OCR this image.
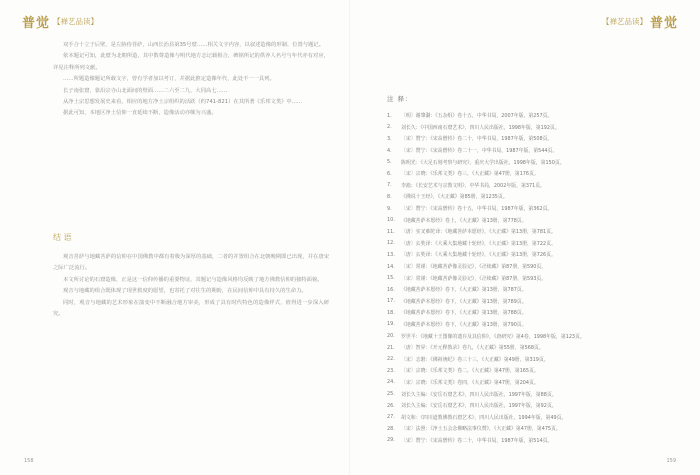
普觉 【禅艺品读】

双手合十立于后壁，是左胁侍菩萨，山西长治县第35号窟……相关文字内容，以叙述造像的形制、位置与题记。

依本题记可知，此窟为北朝所造，其中数尊造像与明代地方志记载相合，碑铭所记的供养人名号与年代亦有对应，详见注释所列文献。

……所题造像题记所载文字，曾有学者加以考订，并据此推定造像年代，此处不一一具列。

长子南张窟，靠沿宗寺山北面间的壁面……二六至二九，大同高七……

从净土宗思想发展史来看，相应的地方净土宗组织的活跃（约741-821）在其所著《乐邦文类》中……

据此可知，本地区净土信仰一直延续不断，造像活动亦颇为兴盛。

结 语

观音菩萨与地藏菩萨的信仰在中国佛教中都有着极为深厚的基础，二者的并置组合在北朝晚期即已出现，并在唐宋之际广泛流行。

本文所讨论的石窟造像，正是这一信仰传播的重要物证，其题记与造像风格均反映了地方佛教信仰的独特面貌。

观音与地藏的组合既体现了现世救度的愿望，也寄托了对往生的期盼，在民间信仰中具有持久的生命力。

同时，观音与地藏的艺术形象在演变中不断融合地方审美，形成了具有时代特色的造像样式，值得进一步深入研究。

158
【禅艺品读】 普觉
注 释：
1.	〔明〕谢肇淛：《五杂组》卷十五，中华书局，2007年版，第257页。
2.	刘长久：《中国西南石窟艺术》，四川人民出版社，1998年版，第192页。
3.	〔宋〕赞宁：《宋高僧传》卷二十，中华书局，1987年版，第508页。
4.	〔宋〕赞宁：《宋高僧传》卷二十一，中华书局，1987年版，第544页。
5.	陈明光：《大足石刻考察与研究》，重庆大学出版社，1998年版，第150页。
6.	〔宋〕宗晓：《乐邦文类》卷三，《大正藏》第47册，第176页。
7.	李凇：《长安艺术与宗教文明》，中华书局，2002年版，第371页。
8.	《佛说十王经》，《大正藏》第85册，第1235页。
9.	〔宋〕赞宁：《宋高僧传》卷十五，中华书局，1987年版，第362页。
10.	《地藏菩萨本愿经》卷上，《大正藏》第13册，第778页。
11.	〔唐〕实叉难陀译：《地藏菩萨本愿经》，《大正藏》第13册，第781页。
12.	〔唐〕玄奘译：《大乘大集地藏十轮经》，《大正藏》第13册，第722页。
13.	〔唐〕玄奘译：《大乘大集地藏十轮经》，《大正藏》第13册，第726页。
14.	〔宋〕常谨：《地藏菩萨像灵验记》，《卍续藏》第87册，第590页。
15.	〔宋〕常谨：《地藏菩萨像灵验记》，《卍续藏》第87册，第593页。
16.	《地藏菩萨本愿经》卷下，《大正藏》第13册，第787页。
17.	《地藏菩萨本愿经》卷下，《大正藏》第13册，第789页。
18.	《地藏菩萨本愿经》卷下，《大正藏》第13册，第788页。
19.	《地藏菩萨本愿经》卷下，《大正藏》第13册，第790页。
20.	罗世平：《地藏十王图像的遗存及其信仰》，《唐研究》第4卷，1998年版，第123页。
21.	〔唐〕智昇：《开元释教录》卷九，《大正藏》第55册，第568页。
22.	〔宋〕志磐：《佛祖统纪》卷三十三，《大正藏》第49册，第319页。
23.	〔宋〕宗晓：《乐邦文类》卷二，《大正藏》第47册，第165页。
24.	〔宋〕宗晓：《乐邦文类》卷四，《大正藏》第47册，第204页。
25.	刘长久主编：《安岳石窟艺术》，四川人民出版社，1997年版，第88页。
26.	刘长久主编：《安岳石窟艺术》，四川人民出版社，1997年版，第92页。
27.	胡文和：《四川道教佛教石窟艺术》，四川人民出版社，1994年版，第49页。
28.	〔宋〕法照：《净土五会念佛略法事仪赞》，《大正藏》第47册，第475页。
29.	〔宋〕赞宁：《宋高僧传》卷二十，中华书局，1987年版，第514页。
159
